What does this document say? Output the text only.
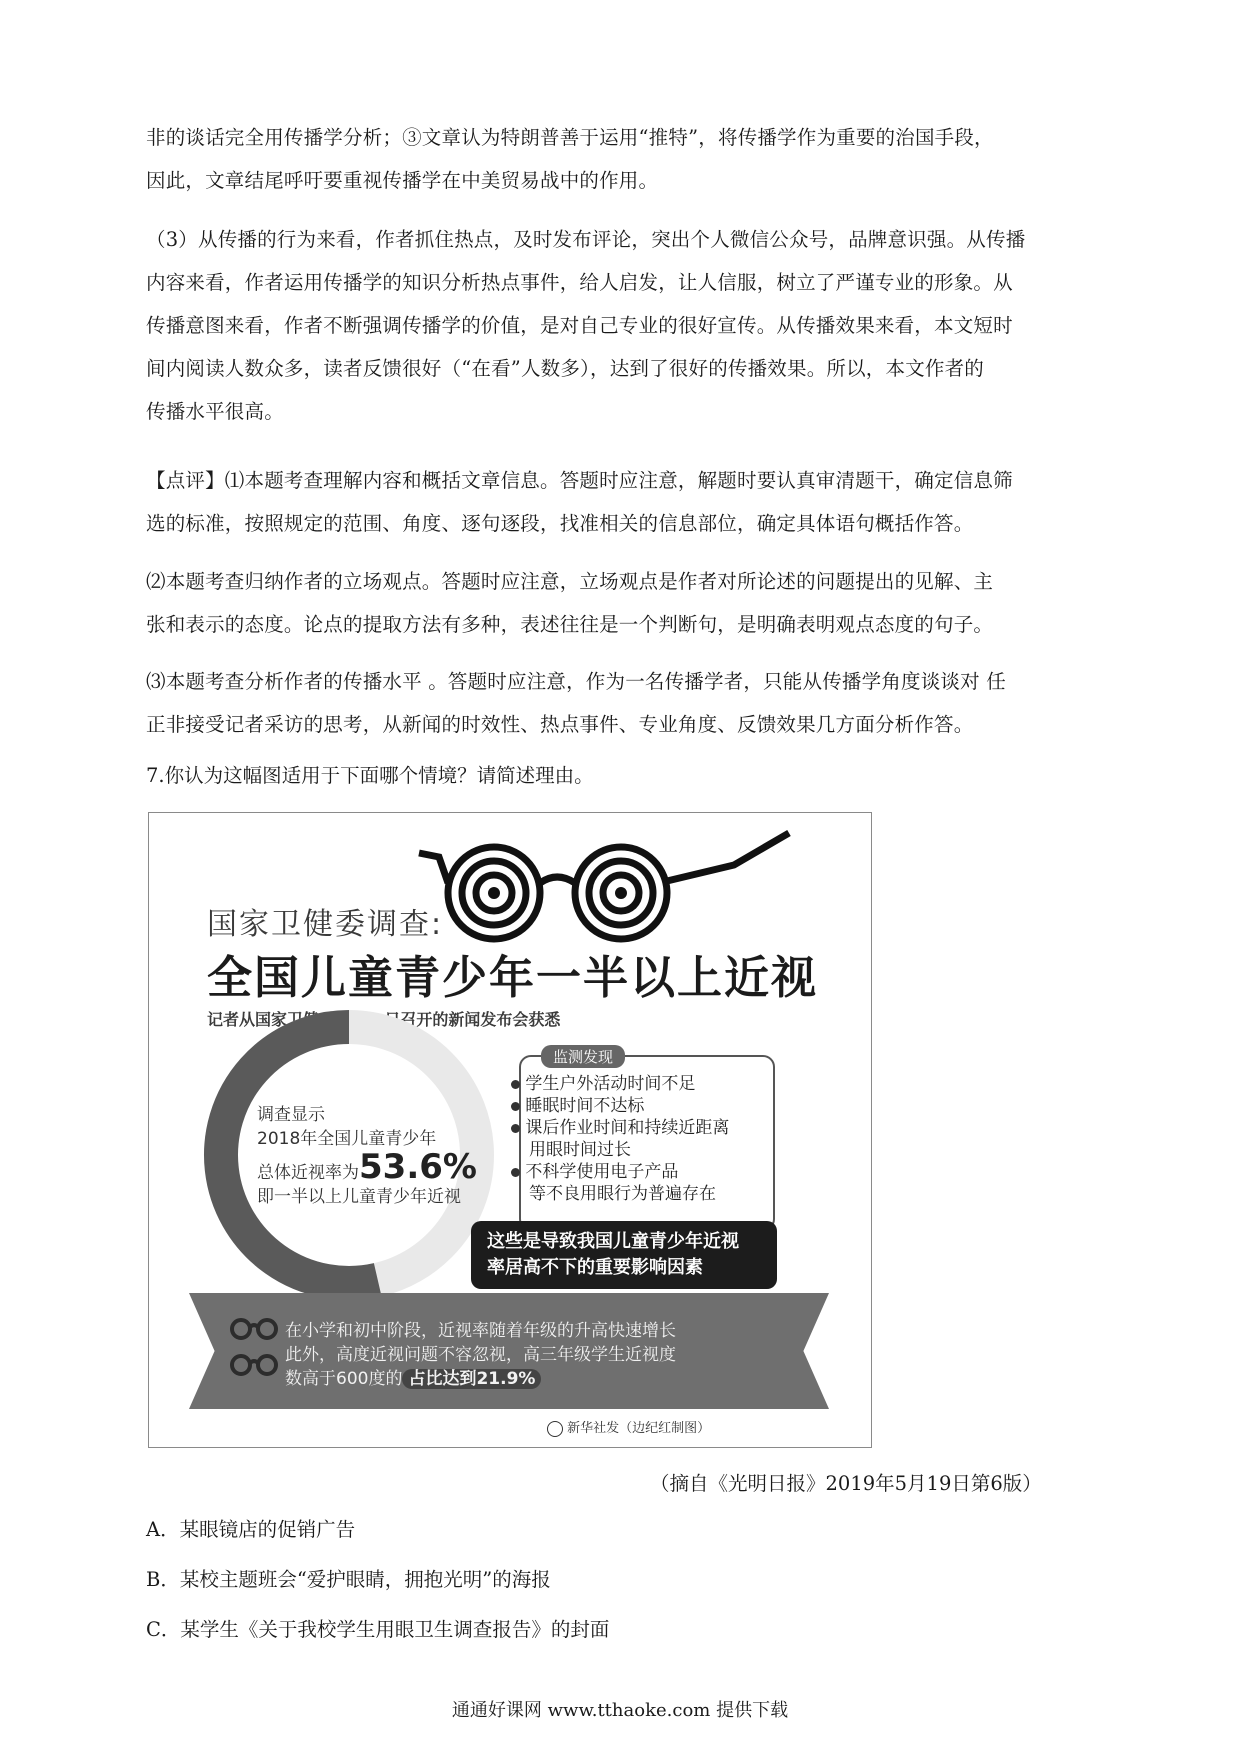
非的谈话完全用传播学分析；③文章认为特朗普善于运用“推特”，将传播学作为重要的治国手段，
因此，文章结尾呼吁要重视传播学在中美贸易战中的作用。
（3）从传播的行为来看，作者抓住热点，及时发布评论，突出个人微信公众号，品牌意识强。从传播
内容来看，作者运用传播学的知识分析热点事件，给人启发，让人信服，树立了严谨专业的形象。从
传播意图来看，作者不断强调传播学的价值，是对自己专业的很好宣传。从传播效果来看，本文短时
间内阅读人数众多，读者反馈很好（“在看”人数多），达到了很好的传播效果。所以，本文作者的
传播水平很高。
【点评】⑴本题考查理解内容和概括文章信息。答题时应注意，解题时要认真审清题干，确定信息筛
选的标准，按照规定的范围、角度、逐句逐段，找准相关的信息部位，确定具体语句概括作答。
⑵本题考查归纳作者的立场观点。答题时应注意，立场观点是作者对所论述的问题提出的见解、主
张和表示的态度。论点的提取方法有多种，表述往往是一个判断句，是明确表明观点态度的句子。
⑶本题考查分析作者的传播水平 。答题时应注意，作为一名传播学者，只能从传播学角度谈谈对 任
正非接受记者采访的思考，从新闻的时效性、热点事件、专业角度、反馈效果几方面分析作答。

7.你认为这幅图适用于下面哪个情境？请简述理由。

国家卫健委调查:
全国儿童青少年一半以上近视
记者从国家卫健委4月29日召开的新闻发布会获悉
调查显示
2018年全国儿童青少年
总体近视率为53.6%
即一半以上儿童青少年近视
监测发现
学生户外活动时间不足
睡眠时间不达标
课后作业时间和持续近距离
用眼时间过长
不科学使用电子产品
等不良用眼行为普遍存在
这些是导致我国儿童青少年近视
率居高不下的重要影响因素
在小学和初中阶段，近视率随着年级的升高快速增长
此外，高度近视问题不容忽视，高三年级学生近视度
数高于600度的 占比达到21.9%
新华社发（边纪红制图）

（摘自《光明日报》2019年5月19日第6版）

A．某眼镜店的促销广告

B．某校主题班会“爱护眼睛，拥抱光明”的海报

C．某学生《关于我校学生用眼卫生调查报告》的封面

通通好课网 www.tthaoke.com 提供下载
